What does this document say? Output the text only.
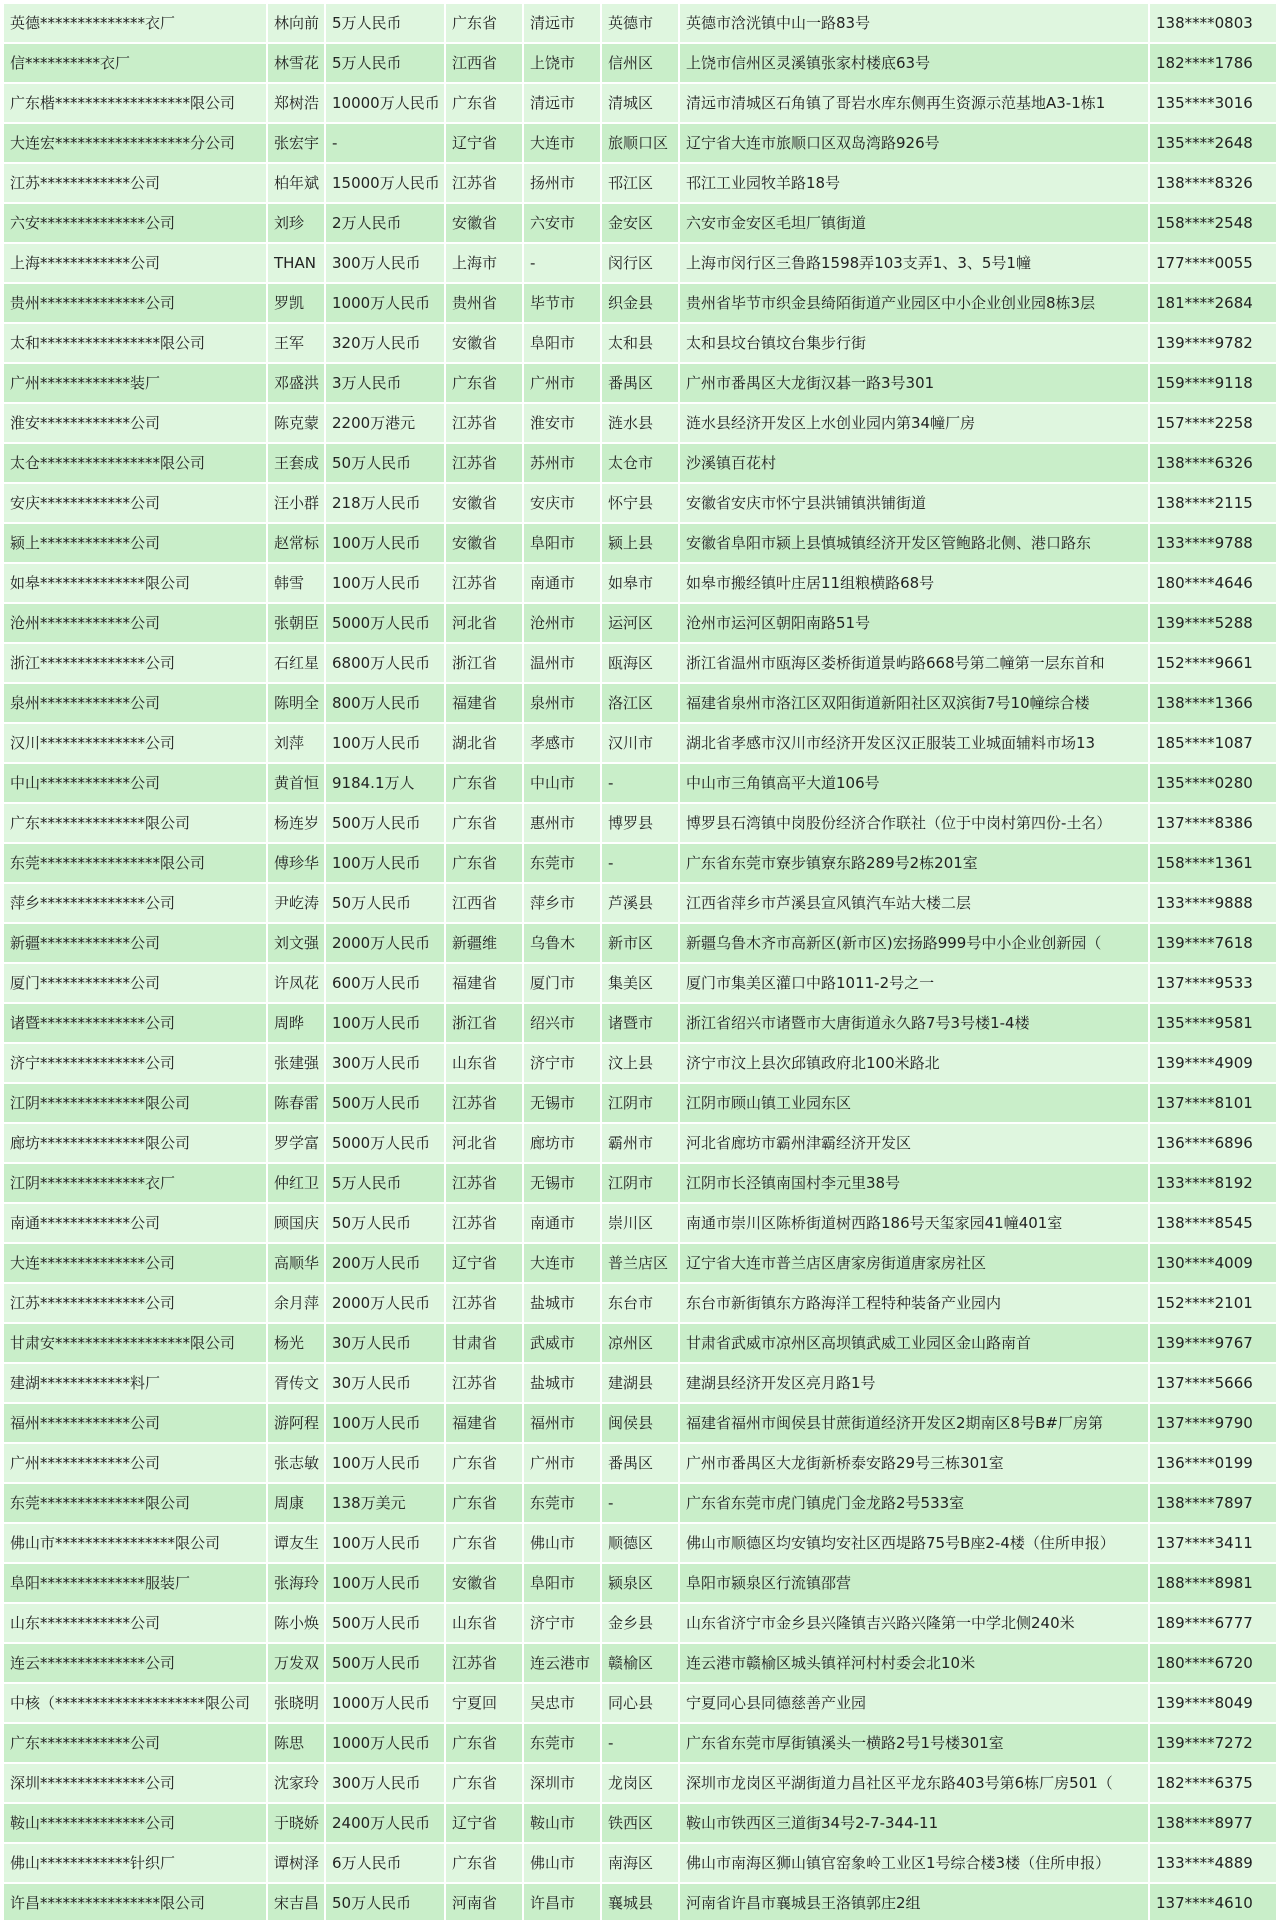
英德**************衣厂	林向前	5万人民币	广东省	清远市	英德市	英德市浛洸镇中山一路83号	138****0803
信**********衣厂	林雪花	5万人民币	江西省	上饶市	信州区	上饶市信州区灵溪镇张家村楼底63号	182****1786
广东楷******************限公司	郑树浩	10000万人民币	广东省	清远市	清城区	清远市清城区石角镇了哥岩水库东侧再生资源示范基地A3-1栋1	135****3016
大连宏******************分公司	张宏宇	-	辽宁省	大连市	旅顺口区	辽宁省大连市旅顺口区双岛湾路926号	135****2648
江苏************公司	柏年斌	15000万人民币	江苏省	扬州市	邗江区	邗江工业园牧羊路18号	138****8326
六安**************公司	刘珍	2万人民币	安徽省	六安市	金安区	六安市金安区毛坦厂镇街道	158****2548
上海************公司	THAN	300万人民币	上海市	-	闵行区	上海市闵行区三鲁路1598弄103支弄1、3、5号1幢	177****0055
贵州**************公司	罗凯	1000万人民币	贵州省	毕节市	织金县	贵州省毕节市织金县绮陌街道产业园区中小企业创业园8栋3层	181****2684
太和****************限公司	王军	320万人民币	安徽省	阜阳市	太和县	太和县坟台镇坟台集步行街	139****9782
广州************装厂	邓盛洪	3万人民币	广东省	广州市	番禺区	广州市番禺区大龙街汉碁一路3号301	159****9118
淮安************公司	陈克蒙	2200万港元	江苏省	淮安市	涟水县	涟水县经济开发区上水创业园内第34幢厂房	157****2258
太仓****************限公司	王套成	50万人民币	江苏省	苏州市	太仓市	沙溪镇百花村	138****6326
安庆************公司	汪小群	218万人民币	安徽省	安庆市	怀宁县	安徽省安庆市怀宁县洪铺镇洪铺街道	138****2115
颍上************公司	赵常标	100万人民币	安徽省	阜阳市	颍上县	安徽省阜阳市颍上县慎城镇经济开发区管鲍路北侧、港口路东	133****9788
如皋**************限公司	韩雪	100万人民币	江苏省	南通市	如皋市	如皋市搬经镇叶庄居11组粮横路68号	180****4646
沧州************公司	张朝臣	5000万人民币	河北省	沧州市	运河区	沧州市运河区朝阳南路51号	139****5288
浙江**************公司	石红星	6800万人民币	浙江省	温州市	瓯海区	浙江省温州市瓯海区娄桥街道景屿路668号第二幢第一层东首和	152****9661
泉州************公司	陈明全	800万人民币	福建省	泉州市	洛江区	福建省泉州市洛江区双阳街道新阳社区双滨街7号10幢综合楼	138****1366
汉川**************公司	刘萍	100万人民币	湖北省	孝感市	汉川市	湖北省孝感市汉川市经济开发区汉正服装工业城面辅料市场13	185****1087
中山************公司	黄首恒	9184.1万人	广东省	中山市	-	中山市三角镇高平大道106号	135****0280
广东**************限公司	杨连岁	500万人民币	广东省	惠州市	博罗县	博罗县石湾镇中岗股份经济合作联社（位于中岗村第四份-土名）	137****8386
东莞****************限公司	傅珍华	100万人民币	广东省	东莞市	-	广东省东莞市寮步镇寮东路289号2栋201室	158****1361
萍乡**************公司	尹屹涛	50万人民币	江西省	萍乡市	芦溪县	江西省萍乡市芦溪县宣风镇汽车站大楼二层	133****9888
新疆************公司	刘文强	2000万人民币	新疆维	乌鲁木	新市区	新疆乌鲁木齐市高新区(新市区)宏扬路999号中小企业创新园（	139****7618
厦门************公司	许凤花	600万人民币	福建省	厦门市	集美区	厦门市集美区灌口中路1011-2号之一	137****9533
诸暨**************公司	周晔	100万人民币	浙江省	绍兴市	诸暨市	浙江省绍兴市诸暨市大唐街道永久路7号3号楼1-4楼	135****9581
济宁**************公司	张建强	300万人民币	山东省	济宁市	汶上县	济宁市汶上县次邱镇政府北100米路北	139****4909
江阴**************限公司	陈春雷	500万人民币	江苏省	无锡市	江阴市	江阴市顾山镇工业园东区	137****8101
廊坊**************限公司	罗学富	5000万人民币	河北省	廊坊市	霸州市	河北省廊坊市霸州津霸经济开发区	136****6896
江阴**************衣厂	仲红卫	5万人民币	江苏省	无锡市	江阴市	江阴市长泾镇南国村李元里38号	133****8192
南通************公司	顾国庆	50万人民币	江苏省	南通市	崇川区	南通市崇川区陈桥街道树西路186号天玺家园41幢401室	138****8545
大连**************公司	高顺华	200万人民币	辽宁省	大连市	普兰店区	辽宁省大连市普兰店区唐家房街道唐家房社区	130****4009
江苏**************公司	余月萍	2000万人民币	江苏省	盐城市	东台市	东台市新街镇东方路海洋工程特种装备产业园内	152****2101
甘肃安******************限公司	杨光	30万人民币	甘肃省	武威市	凉州区	甘肃省武威市凉州区高坝镇武威工业园区金山路南首	139****9767
建湖************料厂	胥传文	30万人民币	江苏省	盐城市	建湖县	建湖县经济开发区亮月路1号	137****5666
福州************公司	游阿程	100万人民币	福建省	福州市	闽侯县	福建省福州市闽侯县甘蔗街道经济开发区2期南区8号B#厂房第	137****9790
广州************公司	张志敏	100万人民币	广东省	广州市	番禺区	广州市番禺区大龙街新桥泰安路29号三栋301室	136****0199
东莞**************限公司	周康	138万美元	广东省	东莞市	-	广东省东莞市虎门镇虎门金龙路2号533室	138****7897
佛山市****************限公司	谭友生	100万人民币	广东省	佛山市	顺德区	佛山市顺德区均安镇均安社区西堤路75号B座2-4楼（住所申报）	137****3411
阜阳**************服装厂	张海玲	100万人民币	安徽省	阜阳市	颍泉区	阜阳市颍泉区行流镇邵营	188****8981
山东************公司	陈小焕	500万人民币	山东省	济宁市	金乡县	山东省济宁市金乡县兴隆镇吉兴路兴隆第一中学北侧240米	189****6777
连云**************公司	万发双	500万人民币	江苏省	连云港市	赣榆区	连云港市赣榆区城头镇祥河村村委会北10米	180****6720
中核（********************限公司	张晓明	1000万人民币	宁夏回	吴忠市	同心县	宁夏同心县同德慈善产业园	139****8049
广东************公司	陈思	1000万人民币	广东省	东莞市	-	广东省东莞市厚街镇溪头一横路2号1号楼301室	139****7272
深圳**************公司	沈家玲	300万人民币	广东省	深圳市	龙岗区	深圳市龙岗区平湖街道力昌社区平龙东路403号第6栋厂房501（	182****6375
鞍山**************公司	于晓娇	2400万人民币	辽宁省	鞍山市	铁西区	鞍山市铁西区三道街34号2-7-344-11	138****8977
佛山************针织厂	谭树泽	6万人民币	广东省	佛山市	南海区	佛山市南海区狮山镇官窑象岭工业区1号综合楼3楼（住所申报）	133****4889
许昌****************限公司	宋吉昌	50万人民币	河南省	许昌市	襄城县	河南省许昌市襄城县王洛镇郭庄2组	137****4610
